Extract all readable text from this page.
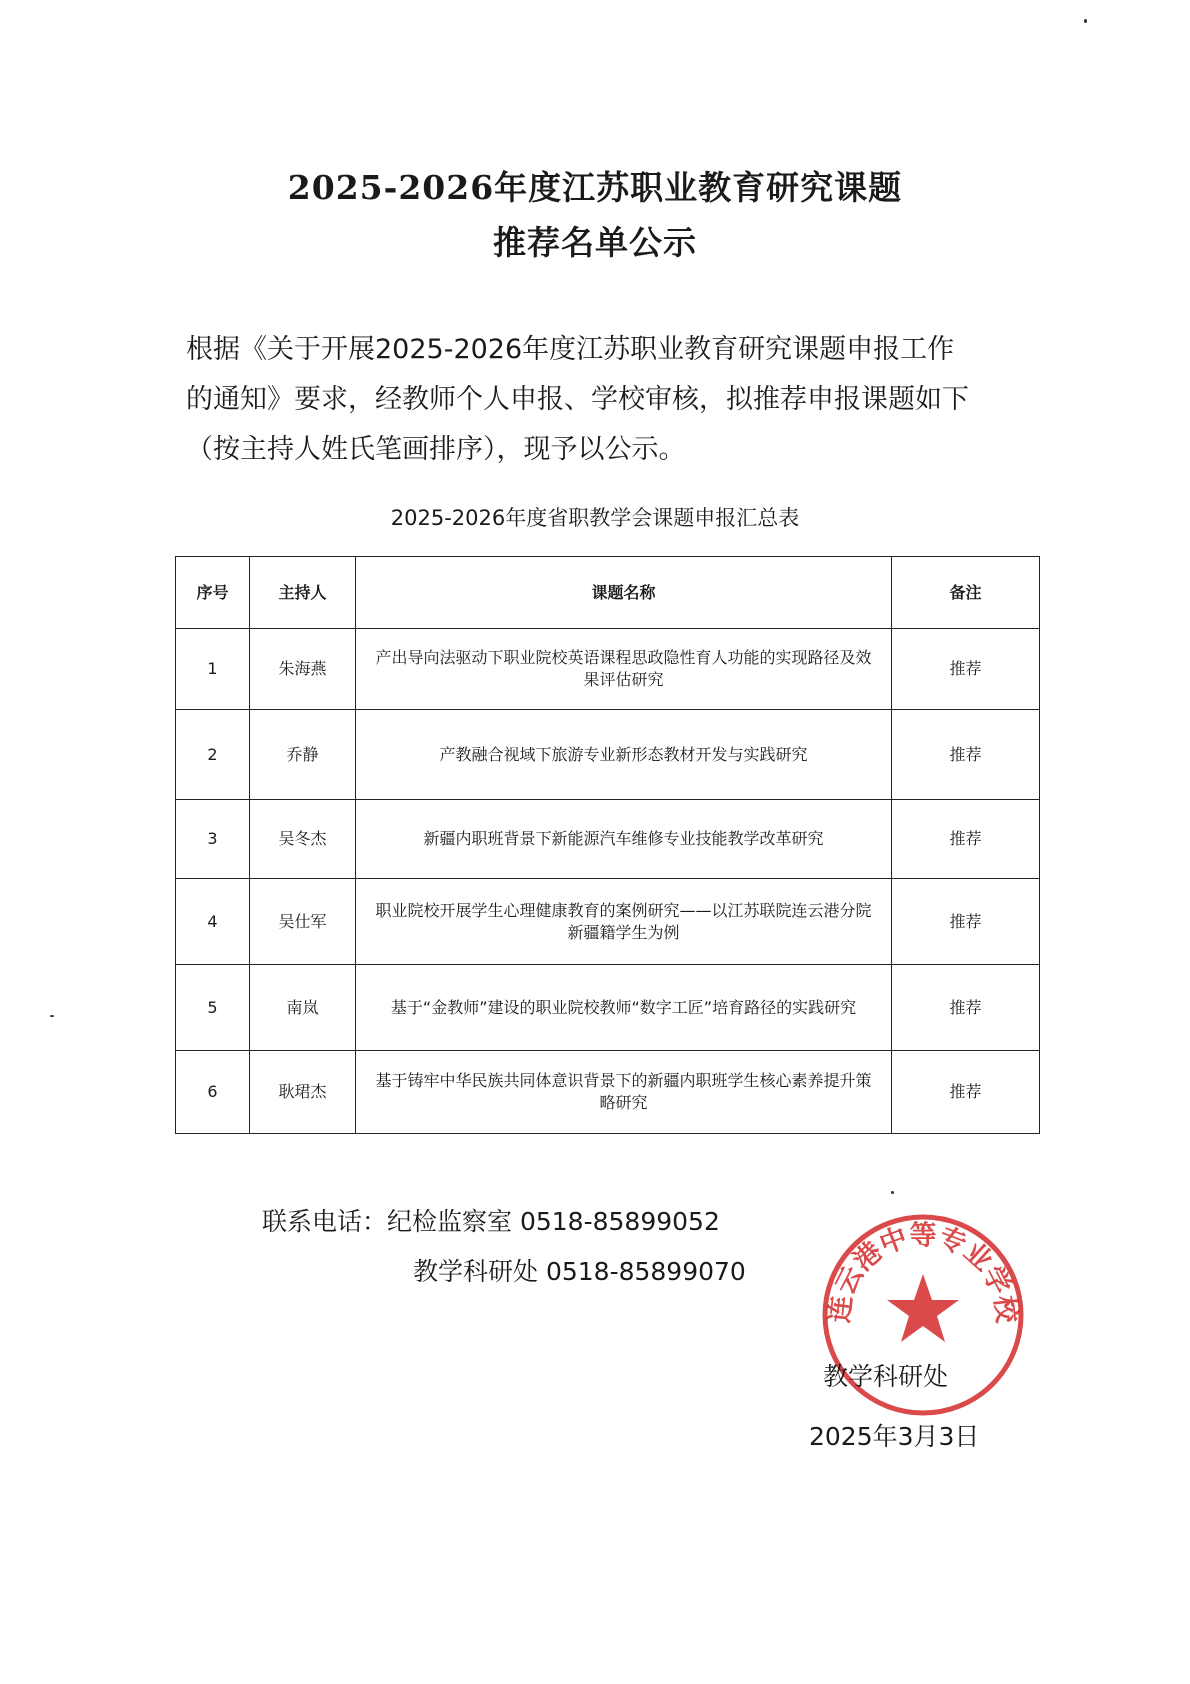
2025-2026年度江苏职业教育研究课题
推荐名单公示

根据《关于开展2025-2026年度江苏职业教育研究课题申报工作

的通知》要求，经教师个人申报、学校审核，拟推荐申报课题如下

（按主持人姓氏笔画排序），现予以公示。

2025-2026年度省职教学会课题申报汇总表
序号	主持人	课题名称	备注
1	朱海燕	产出导向法驱动下职业院校英语课程思政隐性育人功能的实现路径及效果评估研究	推荐
2	乔静	产教融合视域下旅游专业新形态教材开发与实践研究	推荐
3	吴冬杰	新疆内职班背景下新能源汽车维修专业技能教学改革研究	推荐
4	吴仕军	职业院校开展学生心理健康教育的案例研究——以江苏联院连云港分院新疆籍学生为例	推荐
5	南岚	基于“金教师”建设的职业院校教师“数字工匠”培育路径的实践研究	推荐
6	耿珺杰	基于铸牢中华民族共同体意识背景下的新疆内职班学生核心素养提升策略研究	推荐
联系电话：纪检监察室 0518-85899052
教学科研处 0518-85899070
连云港中等专业学校
教学科研处
2025年3月3日
